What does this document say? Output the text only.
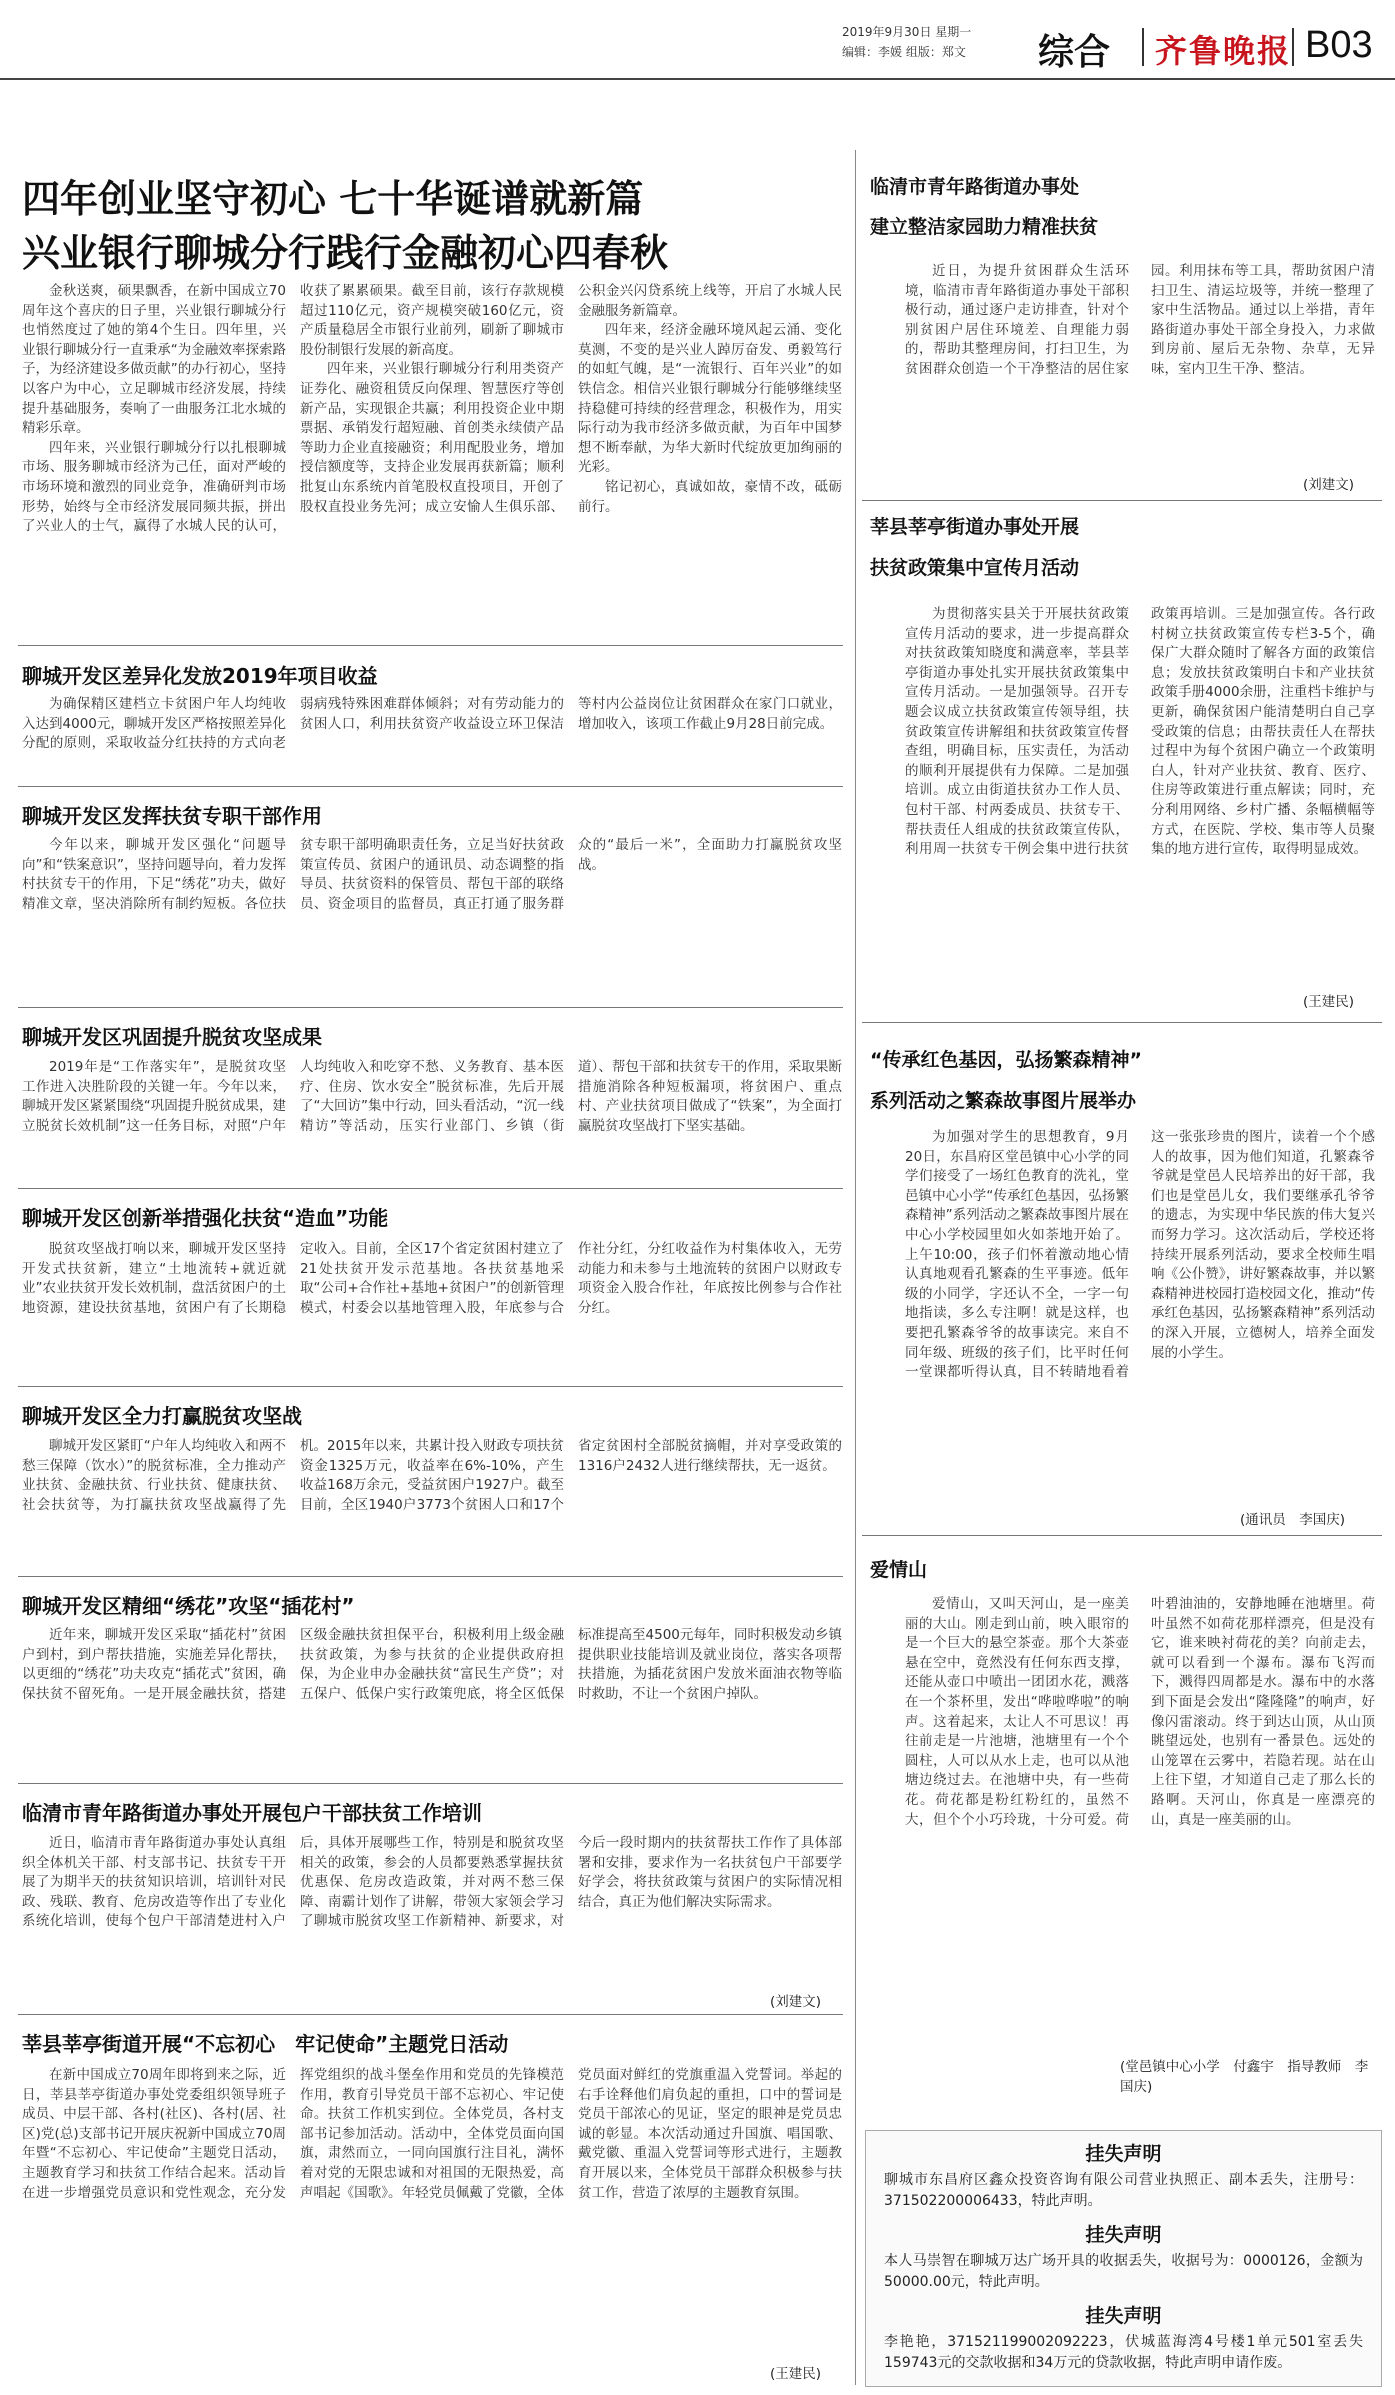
2019年9月30日 星期一
编辑：李媛 组版：郑文 综合 齐鲁晚报 B03
四年创业坚守初心 七十华诞谱就新篇
兴业银行聊城分行践行金融初心四春秋

金秋送爽，硕果飘香，在新中国成立70周年这个喜庆的日子里，兴业银行聊城分行也悄然度过了她的第4个生日。四年里，兴业银行聊城分行一直秉承“为金融效率探索路子，为经济建设多做贡献”的办行初心，坚持以客户为中心，立足聊城市经济发展，持续提升基础服务，奏响了一曲服务江北水城的精彩乐章。

四年来，兴业银行聊城分行以扎根聊城市场、服务聊城市经济为己任，面对严峻的市场环境和激烈的同业竞争，准确研判市场形势，始终与全市经济发展同频共振，拼出了兴业人的士气，赢得了水城人民的认可，收获了累累硕果。截至目前，该行存款规模超过110亿元，资产规模突破160亿元，资产质量稳居全市银行业前列，刷新了聊城市股份制银行发展的新高度。

四年来，兴业银行聊城分行利用类资产证券化、融资租赁反向保理、智慧医疗等创新产品，实现银企共赢；利用投资企业中期票据、承销发行超短融、首创类永续债产品等助力企业直接融资；利用配股业务，增加授信额度等，支持企业发展再获新篇；顺利批复山东系统内首笔股权直投项目，开创了股权直投业务先河；成立安愉人生俱乐部、公积金兴闪贷系统上线等，开启了水城人民金融服务新篇章。

四年来，经济金融环境风起云涌、变化莫测，不变的是兴业人踔厉奋发、勇毅笃行的如虹气魄，是“一流银行、百年兴业”的如铁信念。相信兴业银行聊城分行能够继续坚持稳健可持续的经营理念，积极作为，用实际行动为我市经济多做贡献，为百年中国梦想不断奉献，为华大新时代绽放更加绚丽的光彩。

铭记初心，真诚如故，豪情不改，砥砺前行。

聊城开发区差异化发放2019年项目收益

为确保精区建档立卡贫困户年人均纯收入达到4000元，聊城开发区严格按照差异化分配的原则，采取收益分红扶持的方式向老弱病残特殊困难群体倾斜；对有劳动能力的贫困人口，利用扶贫资产收益设立环卫保洁等村内公益岗位让贫困群众在家门口就业，增加收入，该项工作截止9月28日前完成。

聊城开发区发挥扶贫专职干部作用

今年以来，聊城开发区强化“问题导向”和“铁案意识”，坚持问题导向，着力发挥村扶贫专干的作用，下足“绣花”功夫，做好精准文章，坚决消除所有制约短板。各位扶贫专职干部明确职责任务，立足当好扶贫政策宣传员、贫困户的通讯员、动态调整的指导员、扶贫资料的保管员、帮包干部的联络员、资金项目的监督员，真正打通了服务群众的“最后一米”，全面助力打赢脱贫攻坚战。

聊城开发区巩固提升脱贫攻坚成果

2019年是“工作落实年”，是脱贫攻坚工作进入决胜阶段的关键一年。今年以来，聊城开发区紧紧围绕“巩固提升脱贫成果，建立脱贫长效机制”这一任务目标，对照“户年人均纯收入和吃穿不愁、义务教育、基本医疗、住房、饮水安全”脱贫标准，先后开展了“大回访”集中行动，回头看活动，“沉一线精访”等活动，压实行业部门、乡镇（街道）、帮包干部和扶贫专干的作用，采取果断措施消除各种短板漏项，将贫困户、重点村、产业扶贫项目做成了“铁案”，为全面打赢脱贫攻坚战打下坚实基础。

聊城开发区创新举措强化扶贫“造血”功能

脱贫攻坚战打响以来，聊城开发区坚持开发式扶贫新，建立“土地流转+就近就业”农业扶贫开发长效机制，盘活贫困户的土地资源，建设扶贫基地，贫困户有了长期稳定收入。目前，全区17个省定贫困村建立了21处扶贫开发示范基地。各扶贫基地采取“公司+合作社+基地+贫困户”的创新管理模式，村委会以基地管理入股，年底参与合作社分红，分红收益作为村集体收入，无劳动能力和未参与土地流转的贫困户以财政专项资金入股合作社，年底按比例参与合作社分红。

聊城开发区全力打赢脱贫攻坚战

聊城开发区紧盯“户年人均纯收入和两不愁三保障（饮水）”的脱贫标准，全力推动产业扶贫、金融扶贫、行业扶贫、健康扶贫、社会扶贫等，为打赢扶贫攻坚战赢得了先机。2015年以来，共累计投入财政专项扶贫资金1325万元，收益率在6%-10%，产生收益168万余元，受益贫困户1927户。截至目前，全区1940户3773个贫困人口和17个省定贫困村全部脱贫摘帽，并对享受政策的1316户2432人进行继续帮扶，无一返贫。

聊城开发区精细“绣花”攻坚“插花村”

近年来，聊城开发区采取“插花村”贫困户到村，到户帮扶措施，实施差异化帮扶，以更细的“绣花”功夫攻克“插花式”贫困，确保扶贫不留死角。一是开展金融扶贫，搭建区级金融扶贫担保平台，积极利用上级金融扶贫政策，为参与扶贫的企业提供政府担保，为企业申办金融扶贫“富民生产贷”；对五保户、低保户实行政策兜底，将全区低保标准提高至4500元每年，同时积极发动乡镇提供职业技能培训及就业岗位，落实各项帮扶措施，为插花贫困户发放米面油衣物等临时救助，不让一个贫困户掉队。

临清市青年路街道办事处开展包户干部扶贫工作培训

近日，临清市青年路街道办事处认真组织全体机关干部、村支部书记、扶贫专干开展了为期半天的扶贫知识培训，培训针对民政、残联、教育、危房改造等作出了专业化系统化培训，使每个包户干部清楚进村入户后，具体开展哪些工作，特别是和脱贫攻坚相关的政策，参会的人员都要熟悉掌握扶贫优惠保、危房改造政策，并对两不愁三保障、南霸计划作了讲解，带领大家领会学习了聊城市脱贫攻坚工作新精神、新要求，对今后一段时期内的扶贫帮扶工作作了具体部署和安排，要求作为一名扶贫包户干部要学好学会，将扶贫政策与贫困户的实际情况相结合，真正为他们解决实际需求。

(刘建文)
莘县莘亭街道开展“不忘初心　牢记使命”主题党日活动

在新中国成立70周年即将到来之际，近日，莘县莘亭街道办事处党委组织领导班子成员、中层干部、各村(社区)、各村(居、社区)党(总)支部书记开展庆祝新中国成立70周年暨“不忘初心、牢记使命”主题党日活动，主题教育学习和扶贫工作结合起来。活动旨在进一步增强党员意识和党性观念，充分发挥党组织的战斗堡垒作用和党员的先锋模范作用，教育引导党员干部不忘初心、牢记使命。扶贫工作机实到位。全体党员，各村支部书记参加活动。活动中，全体党员面向国旗，肃然而立，一同向国旗行注目礼，满怀着对党的无限忠诚和对祖国的无限热爱，高声唱起《国歌》。年轻党员佩戴了党徽，全体党员面对鲜红的党旗重温入党誓词。举起的右手诠释他们肩负起的重担，口中的誓词是党员干部浓心的见证，坚定的眼神是党员忠诚的彰显。本次活动通过升国旗、唱国歌、戴党徽、重温入党誓词等形式进行，主题教育开展以来，全体党员干部群众积极参与扶贫工作，营造了浓厚的主题教育氛围。

(王建民)
临清市青年路街道办事处
建立整洁家园助力精准扶贫

近日，为提升贫困群众生活环境，临清市青年路街道办事处干部积极行动，通过逐户走访排查，针对个别贫困户居住环境差、自理能力弱的，帮助其整理房间，打扫卫生，为贫困群众创造一个干净整洁的居住家园。利用抹布等工具，帮助贫困户清扫卫生、清运垃圾等，并统一整理了家中生活物品。通过以上举措，青年路街道办事处干部全身投入，力求做到房前、屋后无杂物、杂草，无异味，室内卫生干净、整洁。

(刘建文)
莘县莘亭街道办事处开展
扶贫政策集中宣传月活动

为贯彻落实县关于开展扶贫政策宣传月活动的要求，进一步提高群众对扶贫政策知晓度和满意率，莘县莘亭街道办事处扎实开展扶贫政策集中宣传月活动。一是加强领导。召开专题会议成立扶贫政策宣传领导组，扶贫政策宣传讲解组和扶贫政策宣传督查组，明确目标，压实责任，为活动的顺利开展提供有力保障。二是加强培训。成立由街道扶贫办工作人员、包村干部、村两委成员、扶贫专干、帮扶责任人组成的扶贫政策宣传队，利用周一扶贫专干例会集中进行扶贫政策再培训。三是加强宣传。各行政村树立扶贫政策宣传专栏3-5个，确保广大群众随时了解各方面的政策信息；发放扶贫政策明白卡和产业扶贫政策手册4000余册，注重档卡维护与更新，确保贫困户能清楚明白自己享受政策的信息；由帮扶责任人在帮扶过程中为每个贫困户确立一个政策明白人，针对产业扶贫、教育、医疗、住房等政策进行重点解读；同时，充分利用网络、乡村广播、条幅横幅等方式，在医院、学校、集市等人员聚集的地方进行宣传，取得明显成效。

(王建民)
“传承红色基因，弘扬繁森精神”
系列活动之繁森故事图片展举办

为加强对学生的思想教育，9月20日，东昌府区堂邑镇中心小学的同学们接受了一场红色教育的洗礼，堂邑镇中心小学“传承红色基因，弘扬繁森精神”系列活动之繁森故事图片展在中心小学校园里如火如荼地开始了。上午10:00，孩子们怀着激动地心情认真地观看孔繁森的生平事迹。低年级的小同学，字还认不全，一字一句地指读，多么专注啊！就是这样，也要把孔繁森爷爷的故事读完。来自不同年级、班级的孩子们，比平时任何一堂课都听得认真，目不转睛地看着这一张张珍贵的图片，读着一个个感人的故事，因为他们知道，孔繁森爷爷就是堂邑人民培养出的好干部，我们也是堂邑儿女，我们要继承孔爷爷的遗志，为实现中华民族的伟大复兴而努力学习。这次活动后，学校还将持续开展系列活动，要求全校师生唱响《公仆赞》，讲好繁森故事，并以繁森精神进校园打造校园文化，推动“传承红色基因，弘扬繁森精神”系列活动的深入开展，立德树人，培养全面发展的小学生。

(通讯员　李国庆)
爱情山

爱情山，又叫天河山，是一座美丽的大山。刚走到山前，映入眼帘的是一个巨大的悬空茶壶。那个大茶壶悬在空中，竟然没有任何东西支撑，还能从壶口中喷出一团团水花，溅落在一个茶杯里，发出“哗啦哗啦”的响声。这着起来，太让人不可思议！再往前走是一片池塘，池塘里有一个个圆柱，人可以从水上走，也可以从池塘边绕过去。在池塘中央，有一些荷花。荷花都是粉红粉红的，虽然不大，但个个小巧玲珑，十分可爱。荷叶碧油油的，安静地睡在池塘里。荷叶虽然不如荷花那样漂亮，但是没有它，谁来映衬荷花的美？向前走去，就可以看到一个瀑布。瀑布飞泻而下，溅得四周都是水。瀑布中的水落到下面是会发出“隆隆隆”的响声，好像闪雷滚动。终于到达山顶，从山顶眺望远处，也别有一番景色。远处的山笼罩在云雾中，若隐若现。站在山上往下望，才知道自己走了那么长的路啊。天河山，你真是一座漂亮的山，真是一座美丽的山。

(堂邑镇中心小学　付鑫宇　指导教师　李国庆)
挂失声明
聊城市东昌府区鑫众投资咨询有限公司营业执照正、副本丢失，注册号：371502200006433，特此声明。
挂失声明
本人马崇智在聊城万达广场开具的收据丢失，收据号为：0000126，金额为50000.00元，特此声明。
挂失声明
李艳艳，371521199002092223，伏城蓝海湾4号楼1单元501室丢失159743元的交款收据和34万元的贷款收据，特此声明申请作废。
